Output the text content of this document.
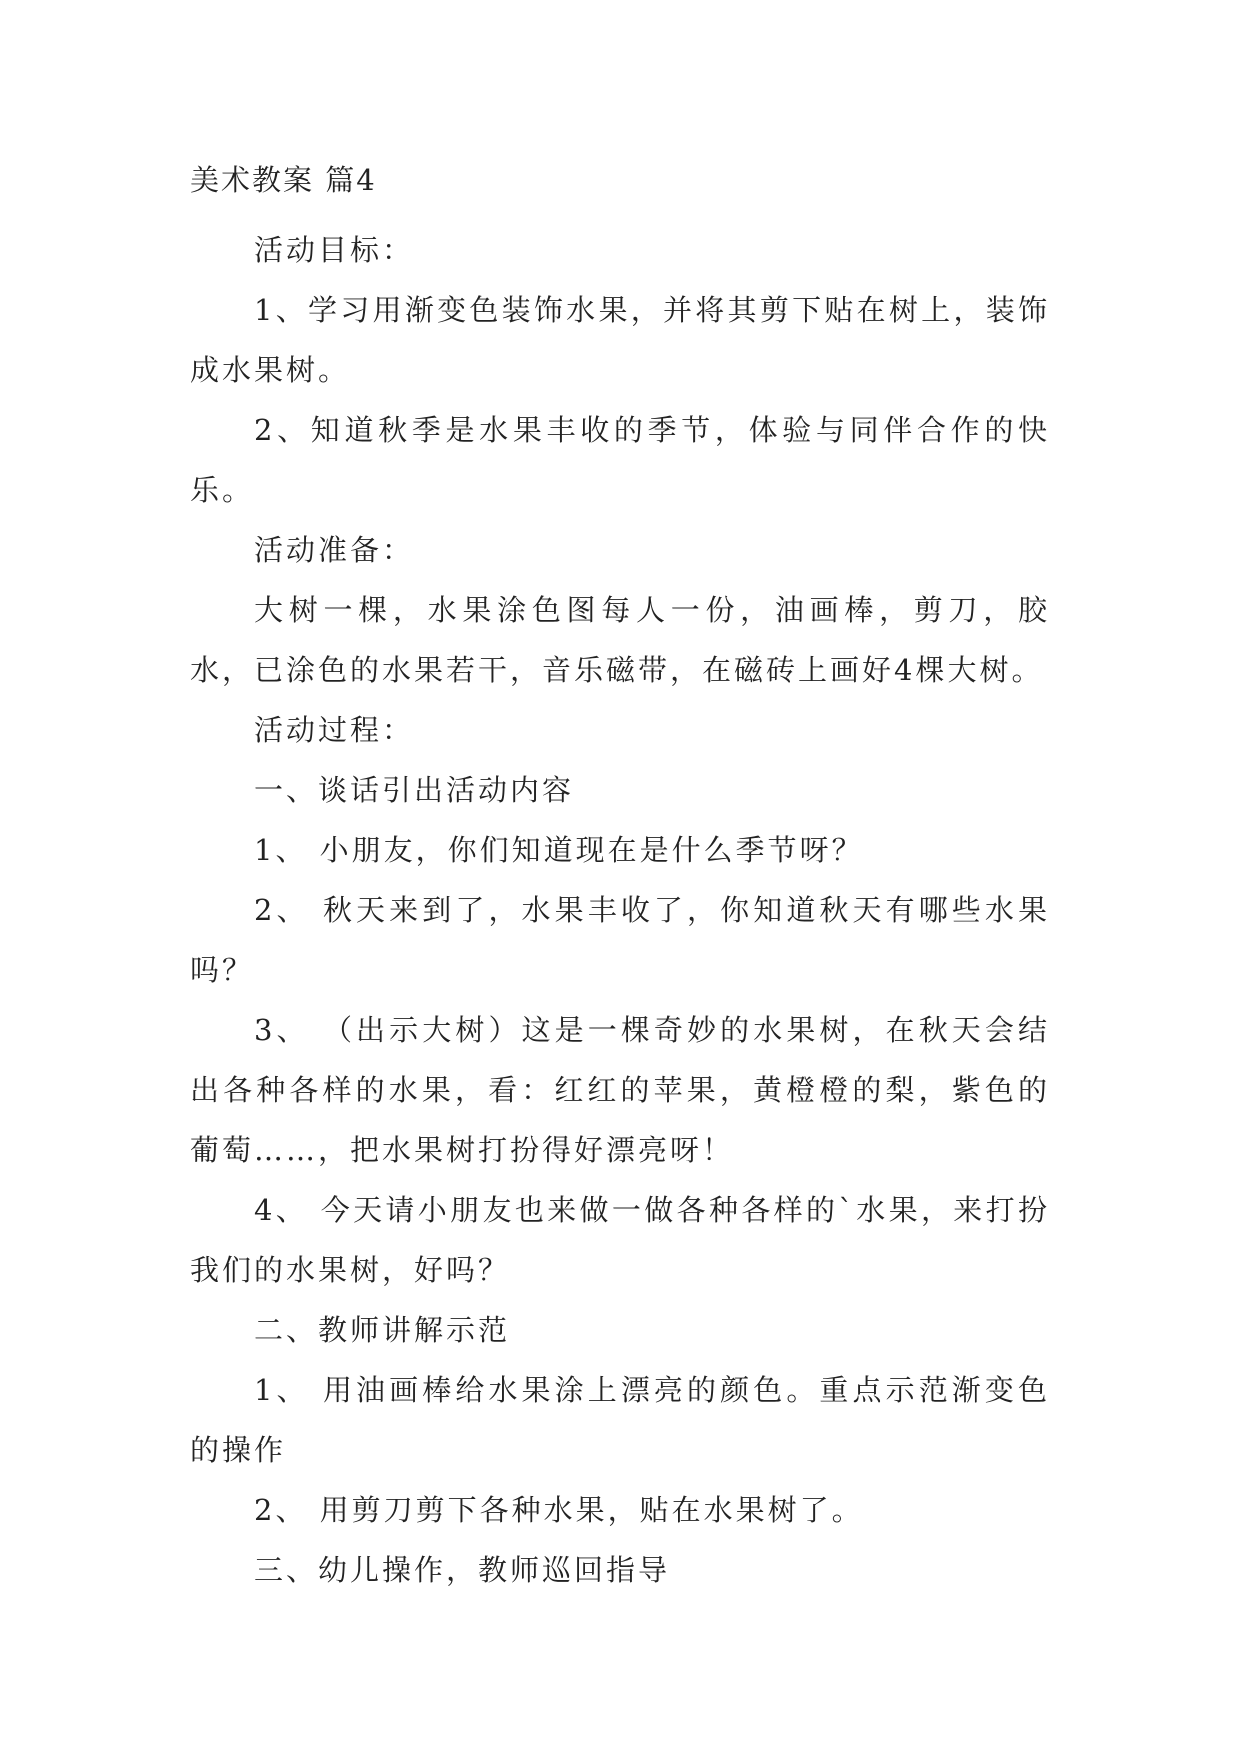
美术教案 篇4

活动目标：

1、学习用渐变色装饰水果，并将其剪下贴在树上，装饰成水果树。

2、知道秋季是水果丰收的季节，体验与同伴合作的快乐。

活动准备：

大树一棵，水果涂色图每人一份，油画棒，剪刀，胶水，已涂色的水果若干，音乐磁带，在磁砖上画好4棵大树。

活动过程：

一、谈话引出活动内容

1、 小朋友，你们知道现在是什么季节呀？

2、 秋天来到了，水果丰收了，你知道秋天有哪些水果吗？

3、 （出示大树）这是一棵奇妙的水果树，在秋天会结出各种各样的水果，看：红红的苹果，黄橙橙的梨，紫色的葡萄……，把水果树打扮得好漂亮呀！

4、 今天请小朋友也来做一做各种各样的`水果，来打扮我们的水果树，好吗？

二、教师讲解示范

1、 用油画棒给水果涂上漂亮的颜色。重点示范渐变色的操作

2、 用剪刀剪下各种水果，贴在水果树了。

三、幼儿操作，教师巡回指导
